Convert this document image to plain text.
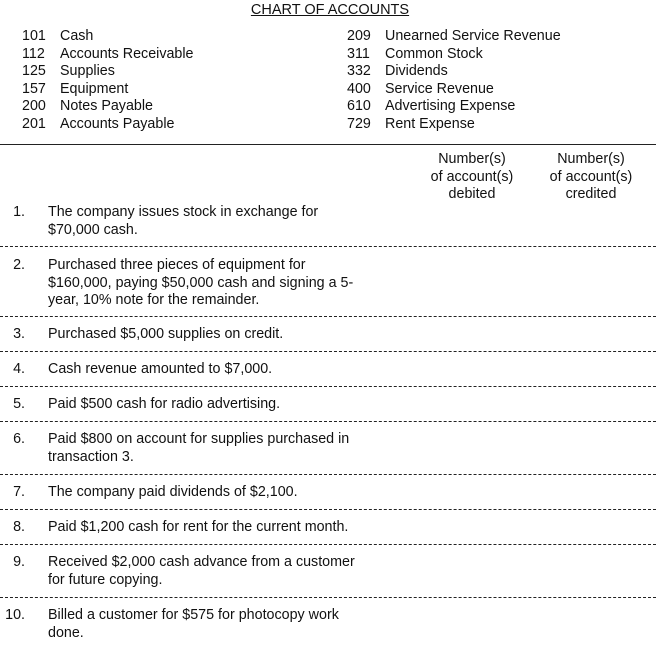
CHART OF ACCOUNTS
101 Cash
112	Accounts Receivable
125 Supplies
157 Equipment
200 Notes Payable
201 Accounts Payable
209 Unearned Service Revenue
311	Common Stock
332 Dividends
400 Service Revenue
610 Advertising Expense
729 Rent Expense
Number(s)
of account(s)
debited
Number(s)
of account(s)
credited
1. The company issues stock in exchange for
$70,000 cash.
2. Purchased three pieces of equipment for
$160,000, paying $50,000 cash and signing a 5-
year, 10% note for the remainder.
3. Purchased $5,000 supplies on credit.
4. Cash revenue amounted to $7,000.
5. Paid $500 cash for radio advertising.
6. Paid $800 on account for supplies purchased in
transaction 3.
7. The company paid dividends of $2,100.
8. Paid $1,200 cash for rent for the current month.
9. Received $2,000 cash advance from a customer
for future copying.
10. Billed a customer for $575 for photocopy work
done.
